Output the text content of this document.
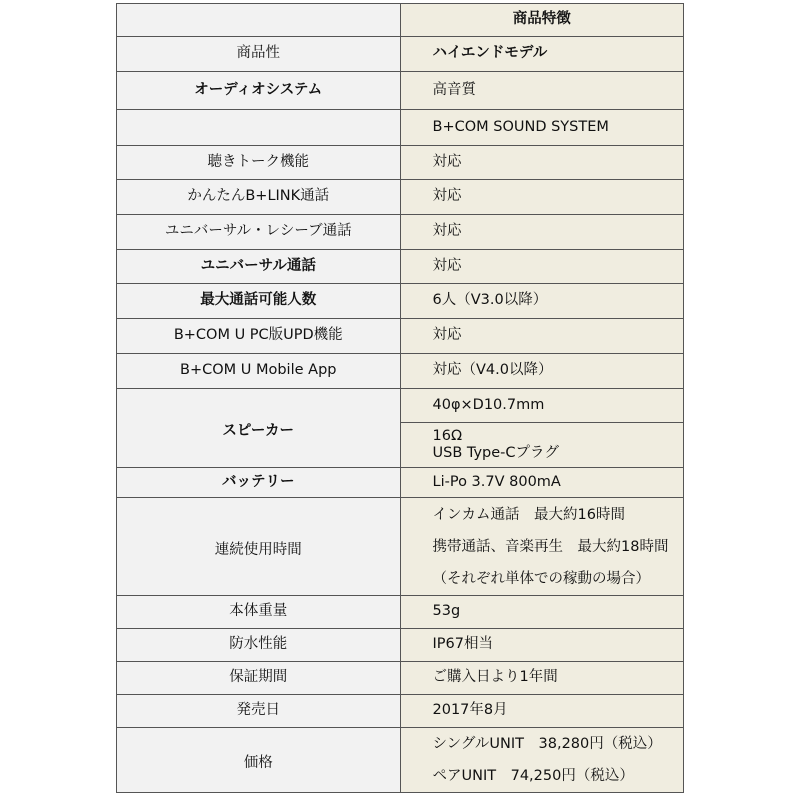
	商品特徴
商品性	ハイエンドモデル
オーディオシステム	高音質
	B+COM SOUND SYSTEM
聴きトーク機能	対応
かんたんB+LINK通話	対応
ユニバーサル・レシーブ通話	対応
ユニバーサル通話	対応
最大通話可能人数	6人（V3.0以降）
B+COM U PC版UPD機能	対応
B+COM U Mobile App	対応（V4.0以降）
スピーカー	40φ×D10.7mm

	16Ω
USB Type-Cプラグ

バッテリー	Li-Po 3.7V 800mA
連続使用時間	インカム通話　最大約16時間
携帯通話、音楽再生　最大約18時間
（それぞれ単体での稼動の場合）

本体重量	53g
防水性能	IP67相当
保証期間	ご購入日より1年間
発売日	2017年8月
価格	シングルUNIT　38,280円（税込）
ペアUNIT　74,250円（税込）
